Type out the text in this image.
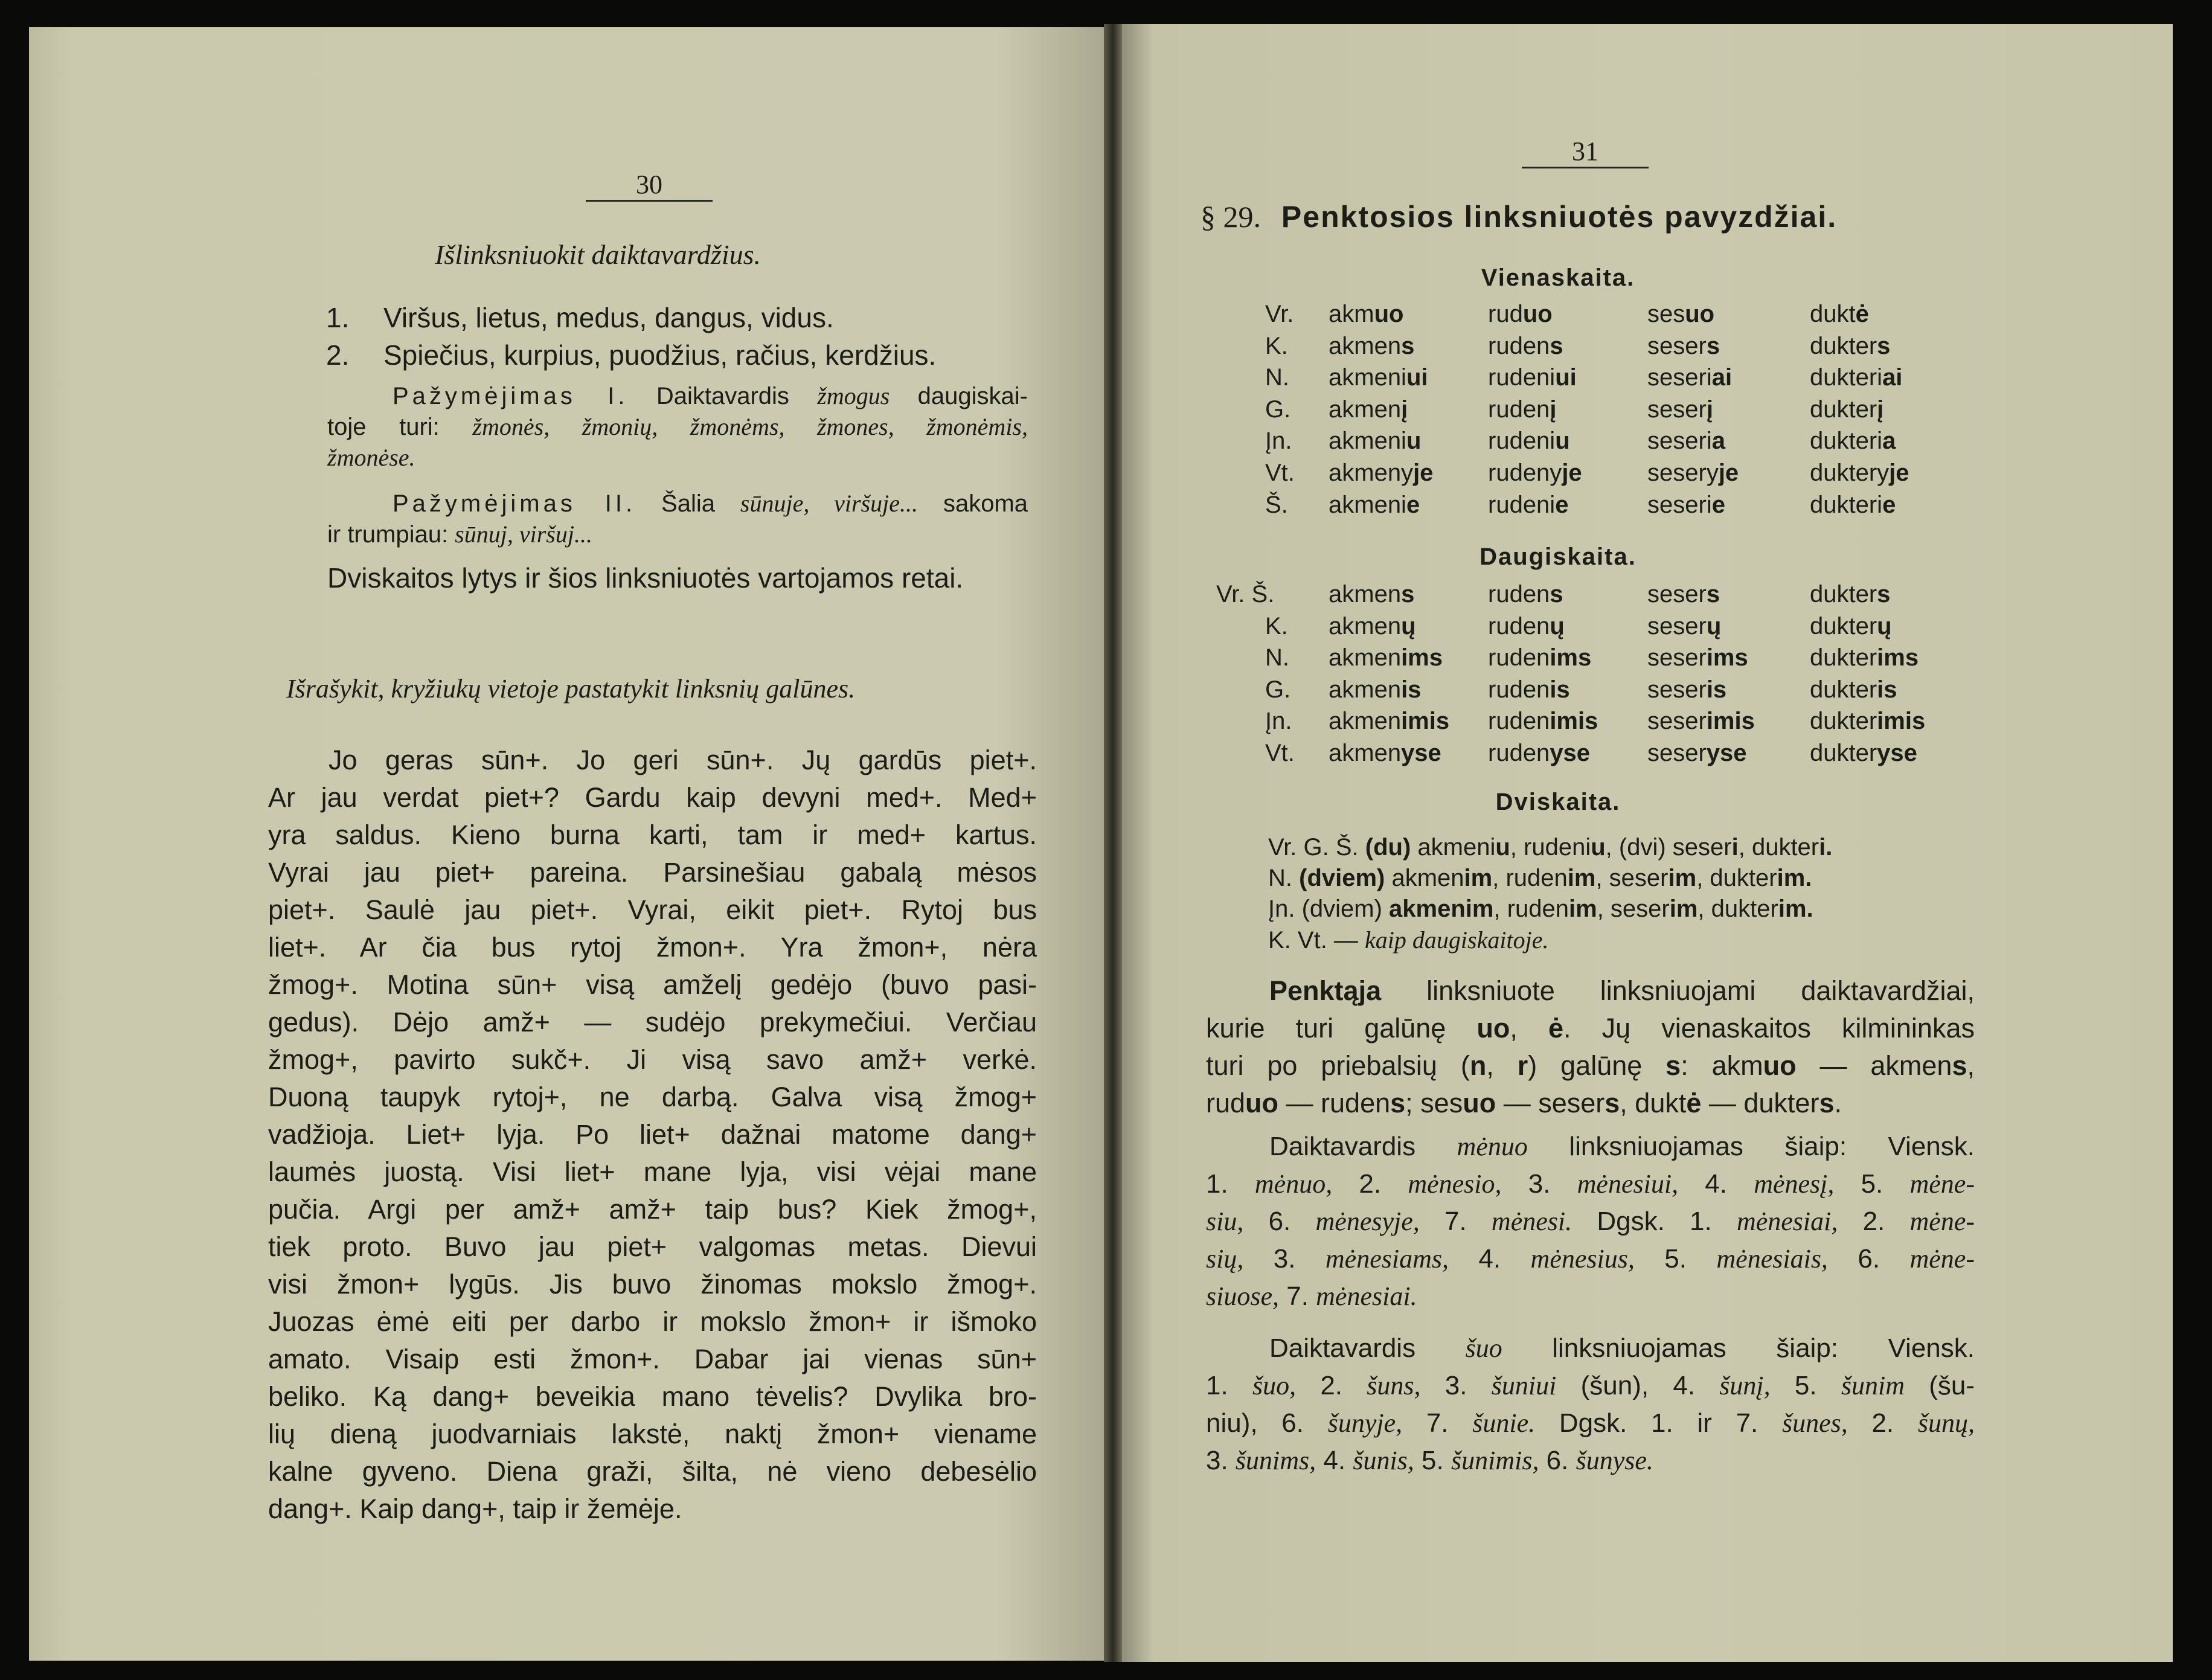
30
Išlinksniuokit daiktavardžius.
1. Viršus, lietus, medus, dangus, vidus.
2. Spiečius, kurpius, puodžius, račius, kerdžius.
Pažymėjimas I. Daiktavardis žmogus daugiskai-
toje turi: žmonės, žmonių, žmonėms, žmones, žmonėmis,
žmonėse.
Pažymėjimas II. Šalia sūnuje, viršuje... sakoma
ir trumpiau: sūnuj, viršuj...
Dviskaitos lytys ir šios linksniuotės vartojamos retai.
Išrašykit, kryžiukų vietoje pastatykit linksnių galūnes.
Jo geras sūn+. Jo geri sūn+. Jų gardūs piet+.
Ar jau verdat piet+? Gardu kaip devyni med+. Med+
yra saldus. Kieno burna karti, tam ir med+ kartus.
Vyrai jau piet+ pareina. Parsinešiau gabalą mėsos
piet+. Saulė jau piet+. Vyrai, eikit piet+. Rytoj bus
liet+. Ar čia bus rytoj žmon+. Yra žmon+, nėra
žmog+. Motina sūn+ visą amželį gedėjo (buvo pasi-
gedus). Dėjo amž+ — sudėjo prekymečiui. Verčiau
žmog+, pavirto sukč+. Ji visą savo amž+ verkė.
Duoną taupyk rytoj+, ne darbą. Galva visą žmog+
vadžioja. Liet+ lyja. Po liet+ dažnai matome dang+
laumės juostą. Visi liet+ mane lyja, visi vėjai mane
pučia. Argi per amž+ amž+ taip bus? Kiek žmog+,
tiek proto. Buvo jau piet+ valgomas metas. Dievui
visi žmon+ lygūs. Jis buvo žinomas mokslo žmog+.
Juozas ėmė eiti per darbo ir mokslo žmon+ ir išmoko
amato. Visaip esti žmon+. Dabar jai vienas sūn+
beliko. Ką dang+ beveikia mano tėvelis? Dvylika bro-
lių dieną juodvarniais lakstė, naktį žmon+ viename
kalne gyveno. Diena graži, šilta, nė vieno debesėlio
dang+. Kaip dang+, taip ir žemėje.
31
§ 29. Penktosios linksniuotės pavyzdžiai.
Vienaskaita.
Vr. akmuo	ruduo	sesuo	duktė
K. akmens	rudens	sesers	dukters
N. akmeniui rudeniui	seseriai	dukteriai
G. akmenį	rudenį	seserį	dukterį
Įn. akmeniu	rudeniu	seseria	dukteria
Vt. akmenyje rudenyje	seseryje	dukteryje
Š. akmenie	rudenie	seserie	dukterie
Daugiskaita.
Vr. Š. akmens	rudens	sesers	dukters
K. akmenų	rudenų	seserų	dukterų
N. akmenims rudenims seserims	dukterims
G. akmenis	rudenis	seseris	dukteris
Įn. akmenimis rudenimis seserimis dukterimis
Vt. akmenyse rudenyse seseryse	dukteryse
Dviskaita.
Vr. G. Š. (du) akmeniu, rudeniu, (dvi) seseri, dukteri.
N. (dviem) akmenim, rudenim, seserim, dukterim.
Įn. (dviem) akmenim, rudenim, seserim, dukterim.
K. Vt. — kaip daugiskaitoje.
Penktąja linksniuote linksniuojami daiktavardžiai,
kurie turi galūnę uo, ė. Jų vienaskaitos kilmininkas
turi po priebalsių (n, r) galūnę s: akmuo — akmens,
ruduo — rudens; sesuo — sesers, duktė — dukters.
Daiktavardis mėnuo linksniuojamas šiaip: Viensk.
1. mėnuo, 2. mėnesio, 3. mėnesiui, 4. mėnesį, 5. mėne-
siu, 6. mėnesyje, 7. mėnesi. Dgsk. 1. mėnesiai, 2. mėne-
sių, 3. mėnesiams, 4. mėnesius, 5. mėnesiais, 6. mėne-
siuose, 7. mėnesiai.
Daiktavardis šuo linksniuojamas šiaip: Viensk.
1. šuo, 2. šuns, 3. šuniui (šun), 4. šunį, 5. šunim (šu-
niu), 6. šunyje, 7. šunie. Dgsk. 1. ir 7. šunes, 2. šunų,
3. šunims, 4. šunis, 5. šunimis, 6. šunyse.
